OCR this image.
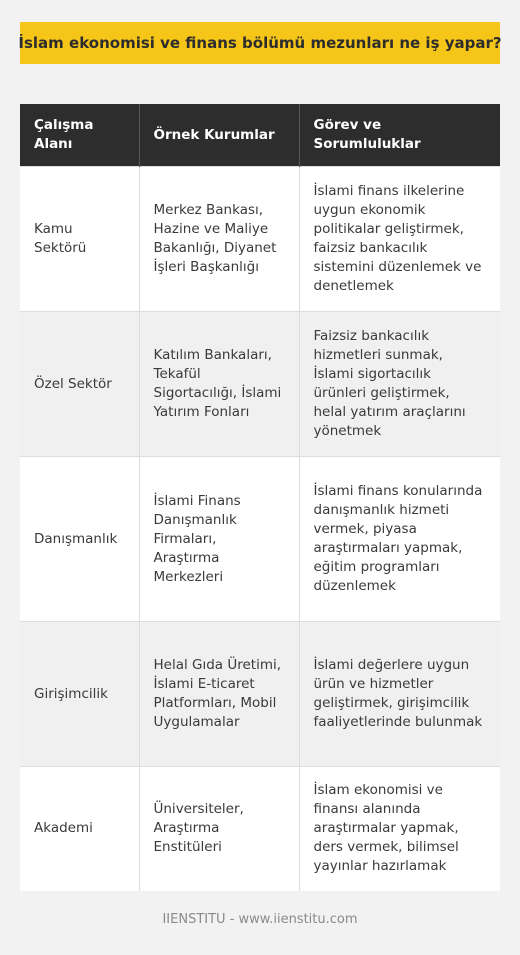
İslam ekonomisi ve finans bölümü mezunları ne iş yapar?
Çalışma Alanı	Örnek Kurumlar	Görev ve Sorumluluklar
Kamu Sektörü	Merkez Bankası, Hazine ve Maliye Bakanlığı, Diyanet İşleri Başkanlığı	İslami finans ilkelerine uygun ekonomik politikalar geliştirmek, faizsiz bankacılık sistemini düzenlemek ve denetlemek
Özel Sektör	Katılım Bankaları, Tekafül Sigortacılığı, İslami Yatırım Fonları	Faizsiz bankacılık hizmetleri sunmak, İslami sigortacılık ürünleri geliştirmek, helal yatırım araçlarını yönetmek
Danışmanlık	İslami Finans Danışmanlık Firmaları, Araştırma Merkezleri	İslami finans konularında danışmanlık hizmeti vermek, piyasa araştırmaları yapmak, eğitim programları düzenlemek
Girişimcilik	Helal Gıda Üretimi, İslami E-ticaret Platformları, Mobil Uygulamalar	İslami değerlere uygun ürün ve hizmetler geliştirmek, girişimcilik faaliyetlerinde bulunmak
Akademi	Üniversiteler, Araştırma Enstitüleri	İslam ekonomisi ve finansı alanında araştırmalar yapmak, ders vermek, bilimsel yayınlar hazırlamak
IIENSTITU - www.iienstitu.com
